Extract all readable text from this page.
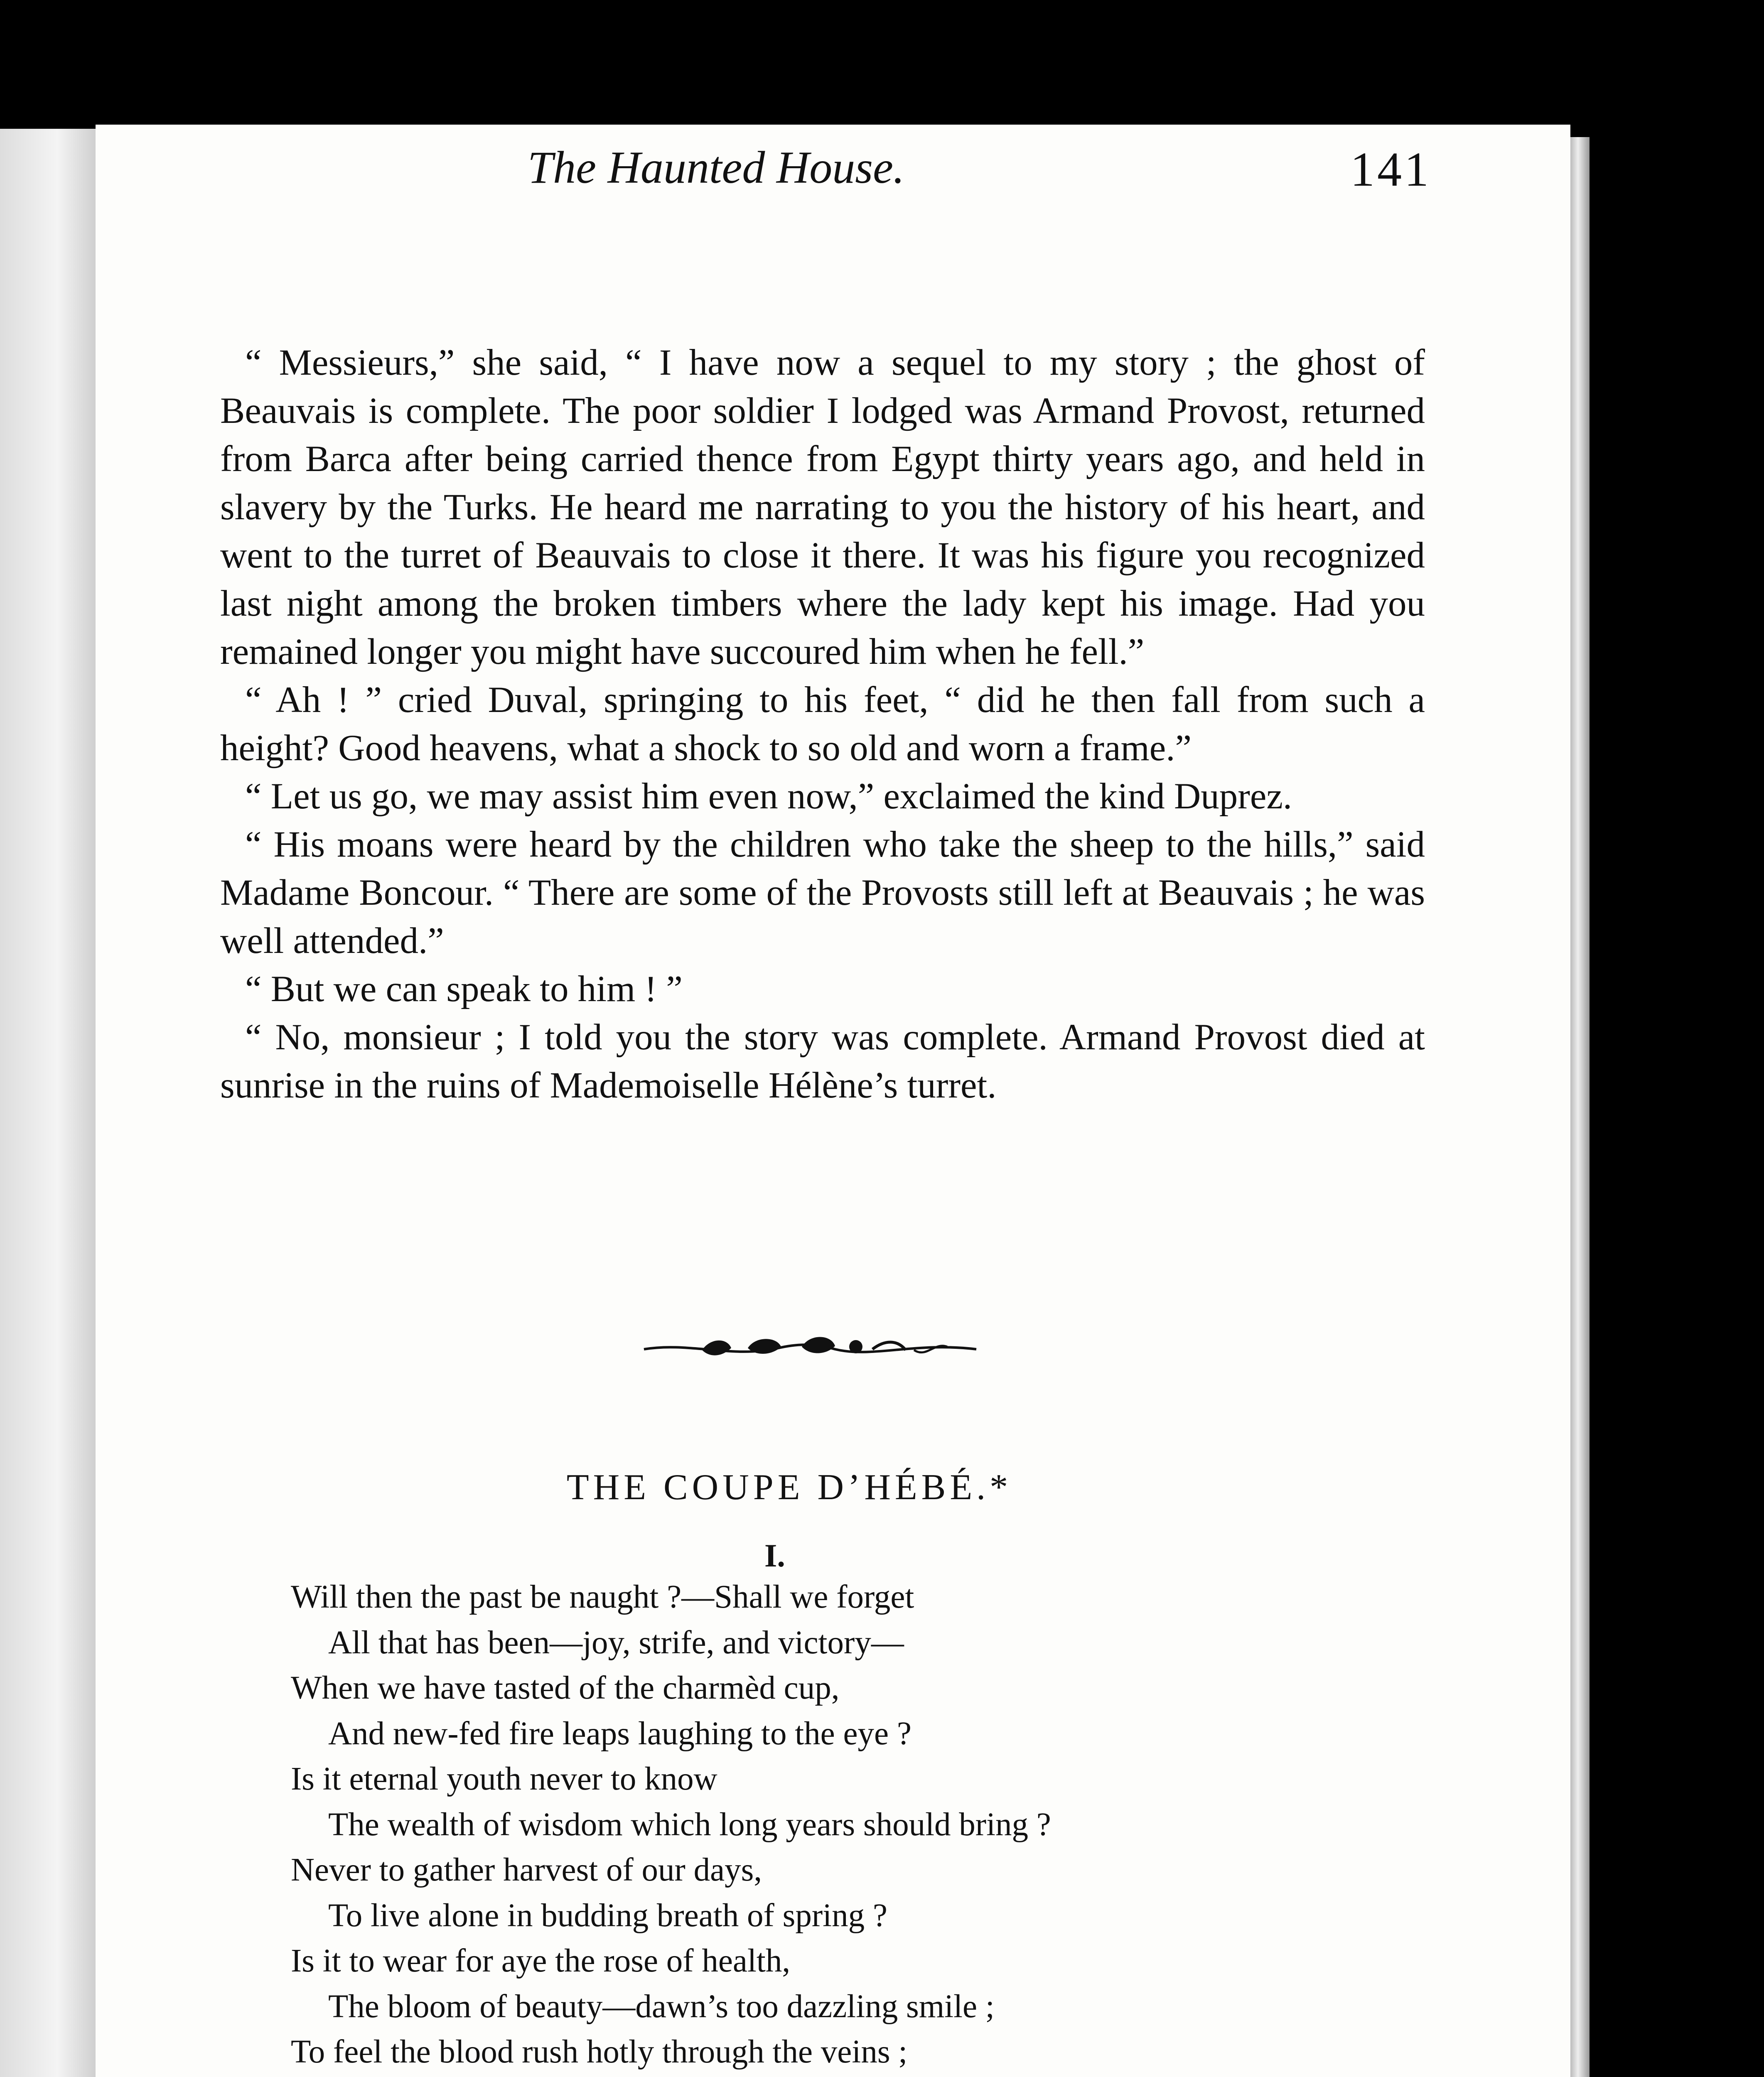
The Haunted House.	141

“ Messieurs,” she said, “ I have now a sequel to my story ; the ghost of Beauvais is complete. The poor soldier I lodged was Armand Provost, returned from Barca after being carried thence from Egypt thirty years ago, and held in slavery by the Turks. He heard me narrating to you the history of his heart, and went to the turret of Beauvais to close it there. It was his figure you recognized last night among the broken timbers where the lady kept his image. Had you remained longer you might have succoured him when he fell.”

“ Ah ! ” cried Duval, springing to his feet, “ did he then fall from such a height? Good heavens, what a shock to so old and worn a frame.”

“ Let us go, we may assist him even now,” exclaimed the kind Duprez.

“ His moans were heard by the children who take the sheep to the hills,” said Madame Boncour. “ There are some of the Provosts still left at Beauvais ; he was well attended.”

“ But we can speak to him ! ”

“ No, monsieur ; I told you the story was complete. Armand Provost died at sunrise in the ruins of Mademoiselle Hélène’s turret.

THE COUPE D’HÉBÉ.*
I.
Will then the past be naught ?—Shall we forget
All that has been—joy, strife, and victory—
When we have tasted of the charmèd cup,
And new-fed fire leaps laughing to the eye ?
Is it eternal youth never to know
The wealth of wisdom which long years should bring ?
Never to gather harvest of our days,
To live alone in budding breath of spring ?
Is it to wear for aye the rose of health,
The bloom of beauty—dawn’s too dazzling smile ;
To feel the blood rush hotly through the veins ;
